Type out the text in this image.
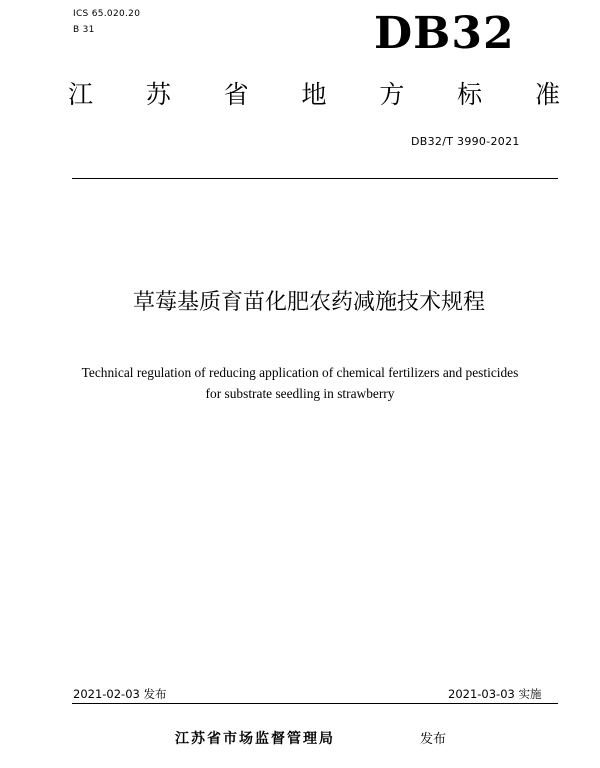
ICS 65.020.20
B 31	DB32
江 苏 省 地 方 标 准
DB32/T 3990-2021
草莓基质育苗化肥农药减施技术规程
Technical regulation of reducing application of chemical fertilizers and pesticides
for substrate seedling in strawberry
2021-02-03 发布	2021-03-03 实施
江苏省市场监督管理局	发布
